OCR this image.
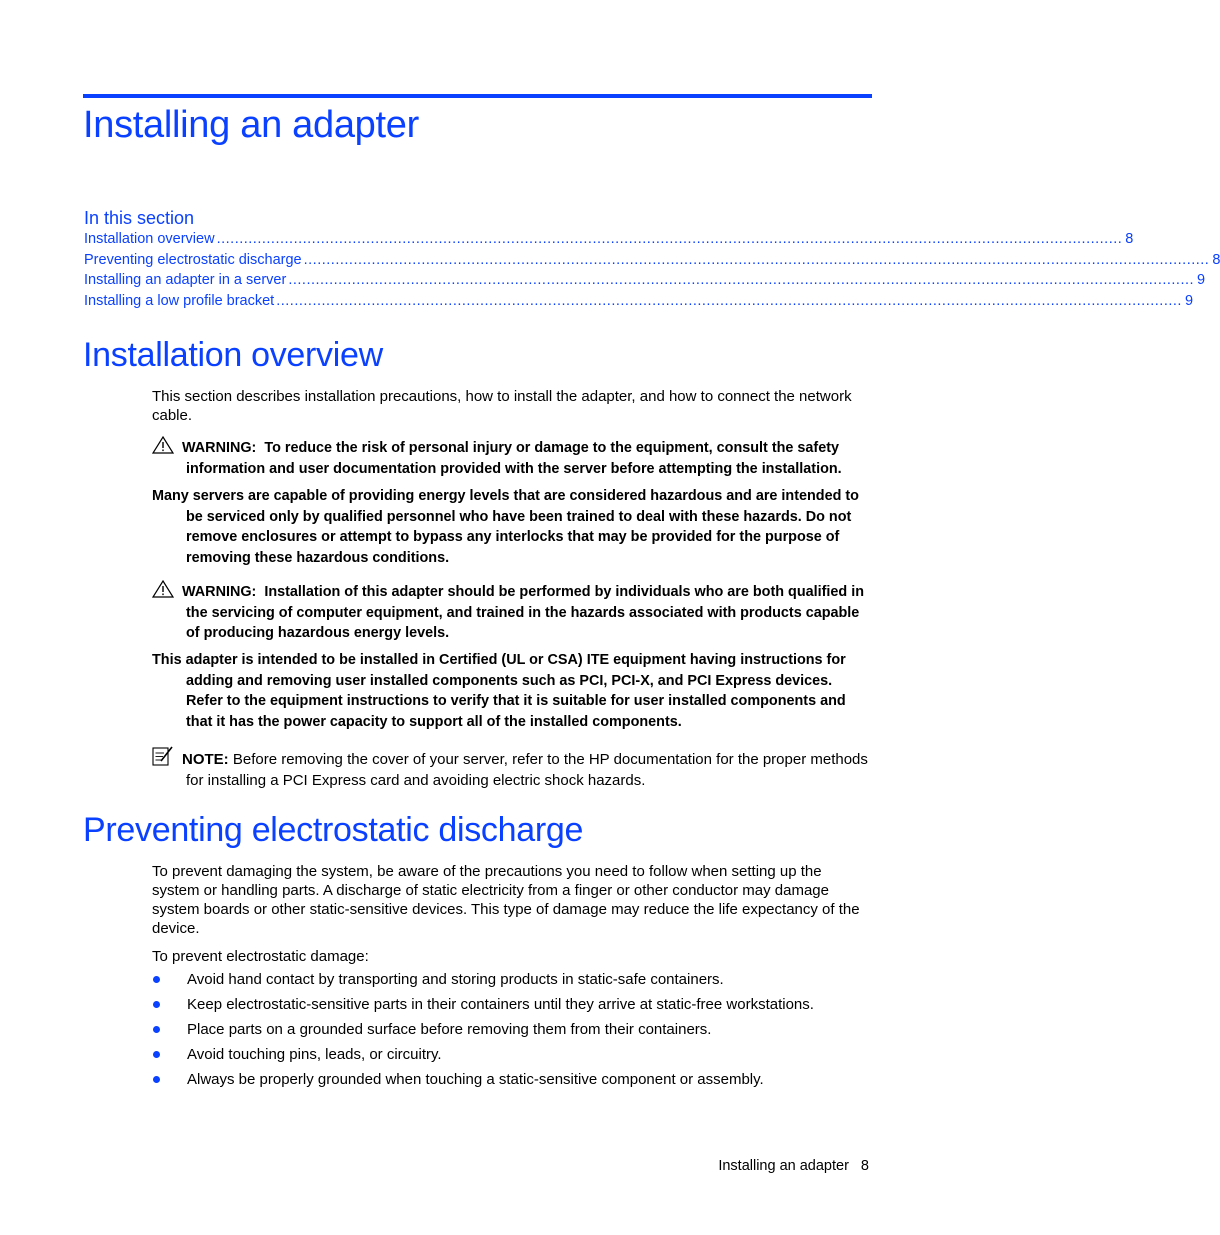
Installing an adapter
In this section
Installation overview ........................................................................................................................................................................................................ 8
Preventing electrostatic discharge ........................................................................................................................................................................................................ 8
Installing an adapter in a server ........................................................................................................................................................................................................ 9
Installing a low profile bracket ........................................................................................................................................................................................................ 9
Installation overview

This section describes installation precautions, how to install the adapter, and how to connect the network cable.

WARNING: To reduce the risk of personal injury or damage to the equipment, consult the safety information and user documentation provided with the server before attempting the installation.

Many servers are capable of providing energy levels that are considered hazardous and are intended to be serviced only by qualified personnel who have been trained to deal with these hazards. Do not remove enclosures or attempt to bypass any interlocks that may be provided for the purpose of removing these hazardous conditions.

WARNING: Installation of this adapter should be performed by individuals who are both qualified in the servicing of computer equipment, and trained in the hazards associated with products capable of producing hazardous energy levels.

This adapter is intended to be installed in Certified (UL or CSA) ITE equipment having instructions for adding and removing user installed components such as PCI, PCI-X, and PCI Express devices. Refer to the equipment instructions to verify that it is suitable for user installed components and that it has the power capacity to support all of the installed components.

NOTE: Before removing the cover of your server, refer to the HP documentation for the proper methods for installing a PCI Express card and avoiding electric shock hazards.

Preventing electrostatic discharge

To prevent damaging the system, be aware of the precautions you need to follow when setting up the system or handling parts. A discharge of static electricity from a finger or other conductor may damage system boards or other static-sensitive devices. This type of damage may reduce the life expectancy of the device.

To prevent electrostatic damage:

Avoid hand contact by transporting and storing products in static-safe containers.
Keep electrostatic-sensitive parts in their containers until they arrive at static-free workstations.
Place parts on a grounded surface before removing them from their containers.
Avoid touching pins, leads, or circuitry.
Always be properly grounded when touching a static-sensitive component or assembly.
Installing an adapter 8
